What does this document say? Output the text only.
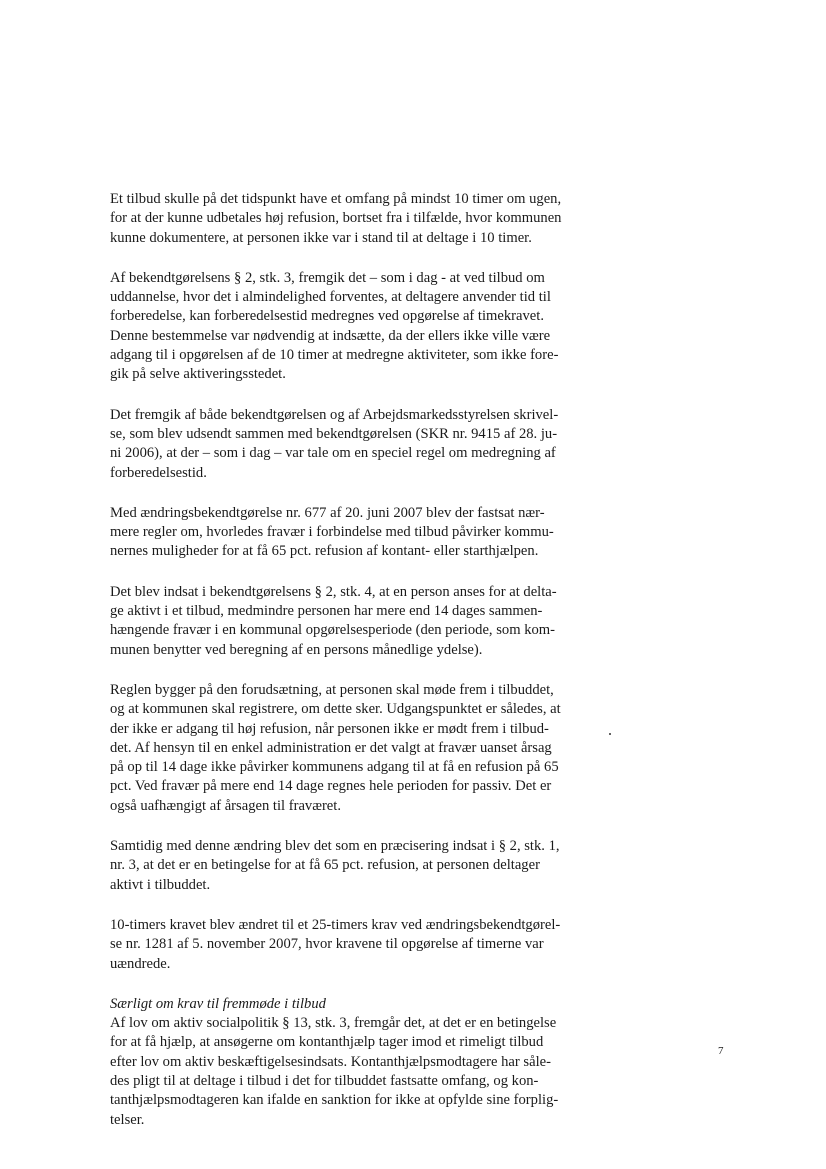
Et tilbud skulle på det tidspunkt have et omfang på mindst 10 timer om ugen,
for at der kunne udbetales høj refusion, bortset fra i tilfælde, hvor kommunen
kunne dokumentere, at personen ikke var i stand til at deltage i 10 timer.

Af bekendtgørelsens § 2, stk. 3, fremgik det – som i dag - at ved tilbud om
uddannelse, hvor det i almindelighed forventes, at deltagere anvender tid til
forberedelse, kan forberedelsestid medregnes ved opgørelse af timekravet.
Denne bestemmelse var nødvendig at indsætte, da der ellers ikke ville være
adgang til i opgørelsen af de 10 timer at medregne aktiviteter, som ikke fore-
gik på selve aktiveringsstedet.

Det fremgik af både bekendtgørelsen og af Arbejdsmarkedsstyrelsen skrivel-
se, som blev udsendt sammen med bekendtgørelsen (SKR nr. 9415 af 28. ju-
ni 2006), at der – som i dag – var tale om en speciel regel om medregning af
forberedelsestid.

Med ændringsbekendtgørelse nr. 677 af 20. juni 2007 blev der fastsat nær-
mere regler om, hvorledes fravær i forbindelse med tilbud påvirker kommu-
nernes muligheder for at få 65 pct. refusion af kontant- eller starthjælpen.

Det blev indsat i bekendtgørelsens § 2, stk. 4, at en person anses for at delta-
ge aktivt i et tilbud, medmindre personen har mere end 14 dages sammen-
hængende fravær i en kommunal opgørelsesperiode (den periode, som kom-
munen benytter ved beregning af en persons månedlige ydelse).

Reglen bygger på den forudsætning, at personen skal møde frem i tilbuddet,
og at kommunen skal registrere, om dette sker. Udgangspunktet er således, at
der ikke er adgang til høj refusion, når personen ikke er mødt frem i tilbud-
det. Af hensyn til en enkel administration er det valgt at fravær uanset årsag
på op til 14 dage ikke påvirker kommunens adgang til at få en refusion på 65
pct. Ved fravær på mere end 14 dage regnes hele perioden for passiv. Det er
også uafhængigt af årsagen til fraværet.

Samtidig med denne ændring blev det som en præcisering indsat i § 2, stk. 1,
nr. 3, at det er en betingelse for at få 65 pct. refusion, at personen deltager
aktivt i tilbuddet.

10-timers kravet blev ændret til et 25-timers krav ved ændringsbekendtgørel-
se nr. 1281 af 5. november 2007, hvor kravene til opgørelse af timerne var
uændrede.

Særligt om krav til fremmøde i tilbud
Af lov om aktiv socialpolitik § 13, stk. 3, fremgår det, at det er en betingelse
for at få hjælp, at ansøgerne om kontanthjælp tager imod et rimeligt tilbud
efter lov om aktiv beskæftigelsesindsats. Kontanthjælpsmodtagere har såle-
des pligt til at deltage i tilbud i det for tilbuddet fastsatte omfang, og kon-
tanthjælpsmodtageren kan ifalde en sanktion for ikke at opfylde sine forplig-
telser.
7
